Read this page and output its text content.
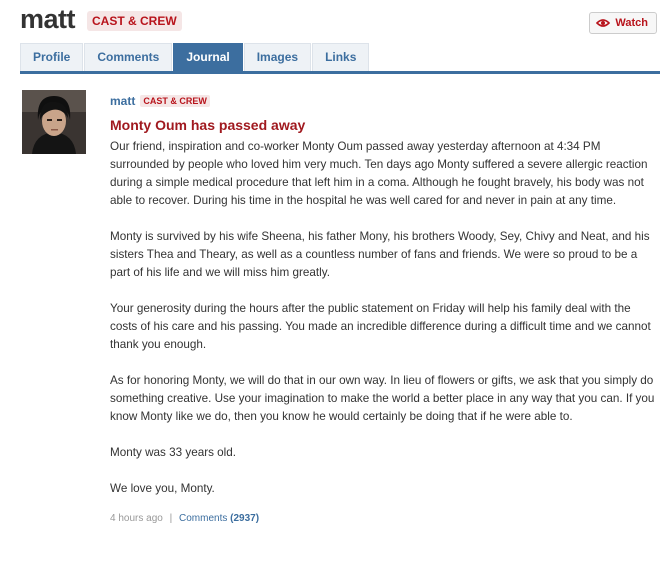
matt	CAST & CREW	Watch
Profile	Comments	Journal	Images	Links
matt CAST & CREW
Monty Oum has passed away

Our friend, inspiration and co-worker Monty Oum passed away yesterday afternoon at 4:34 PM surrounded by people who loved him very much. Ten days ago Monty suffered a severe allergic reaction during a simple medical procedure that left him in a coma. Although he fought bravely, his body was not able to recover. During his time in the hospital he was well cared for and never in pain at any time.

Monty is survived by his wife Sheena, his father Mony, his brothers Woody, Sey, Chivy and Neat, and his sisters Thea and Theary, as well as a countless number of fans and friends. We were so proud to be a part of his life and we will miss him greatly.

Your generosity during the hours after the public statement on Friday will help his family deal with the costs of his care and his passing. You made an incredible difference during a difficult time and we cannot thank you enough.

As for honoring Monty, we will do that in our own way. In lieu of flowers or gifts, we ask that you simply do something creative. Use your imagination to make the world a better place in any way that you can. If you know Monty like we do, then you know he would certainly be doing that if he were able to.

Monty was 33 years old.

We love you, Monty.

4 hours ago | Comments (2937)
